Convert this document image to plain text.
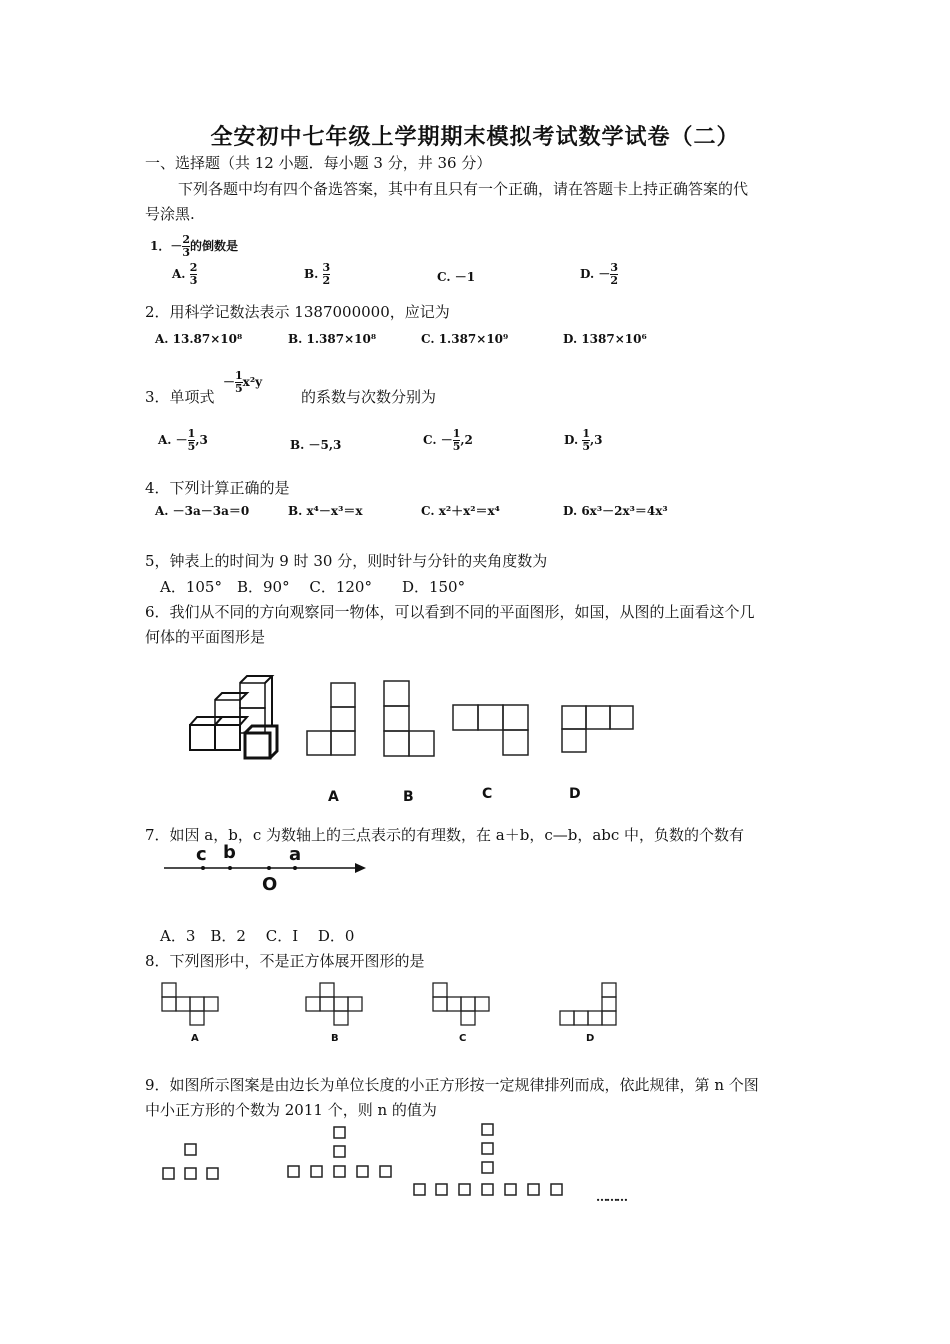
全安初中七年级上学期期末模拟考试数学试卷（二）
一、选择题（共 12 小题．每小题 3 分，井 36 分）
下列各题中均有四个备选答案，其中有且只有一个正确，请在答题卡上持正确答案的代
号涂黑.
1．－ $\frac{2}{3}$ 的倒数是
A. $\frac{2}{3}$	B. $\frac{3}{2}$	C. －1	D. － $\frac{3}{2}$
2．用科学记数法表示 1387000000，应记为
A. 13.87×10⁸	B. 1.387×10⁸	C. 1.387×10⁹	D. 1387×10⁶
3．单项式
－ $\frac{1}{5} x^2y$
的系数与次数分别为
A. － $\frac{1}{5} ,3$	B. －5,3	C. － $\frac{1}{5} ,2$	D. $\frac{1}{5} ,3$
4．下列计算正确的是
A. －3a－3a＝0	B. x⁴－x³＝x	C. x²＋x²＝x⁴	D. 6x³－2x³＝4x³
5，钟表上的时间为 9 时 30 分，则时针与分针的夹角度数为
A．105°　B．90°　 C．120°　　D．150°
6．我们从不同的方向观察同一物体，可以看到不同的平面图形，如国，从图的上面看这个几
何体的平面图形是
A	B	C	D
7．如因 a，b，c 为数轴上的三点表示的有理数，在 a＋b，c—b，abc 中，负数的个数有
c b	a
O
A．3　B．2　 C．I　 D．0
8．下列图形中，不是正方体展开图形的是
A	B	C	D
9．如图所示图案是由边长为单位长度的小正方形按一定规律排列而成，依此规律，第 n 个图
中小正方形的个数为 2011 个，则 n 的值为
………
